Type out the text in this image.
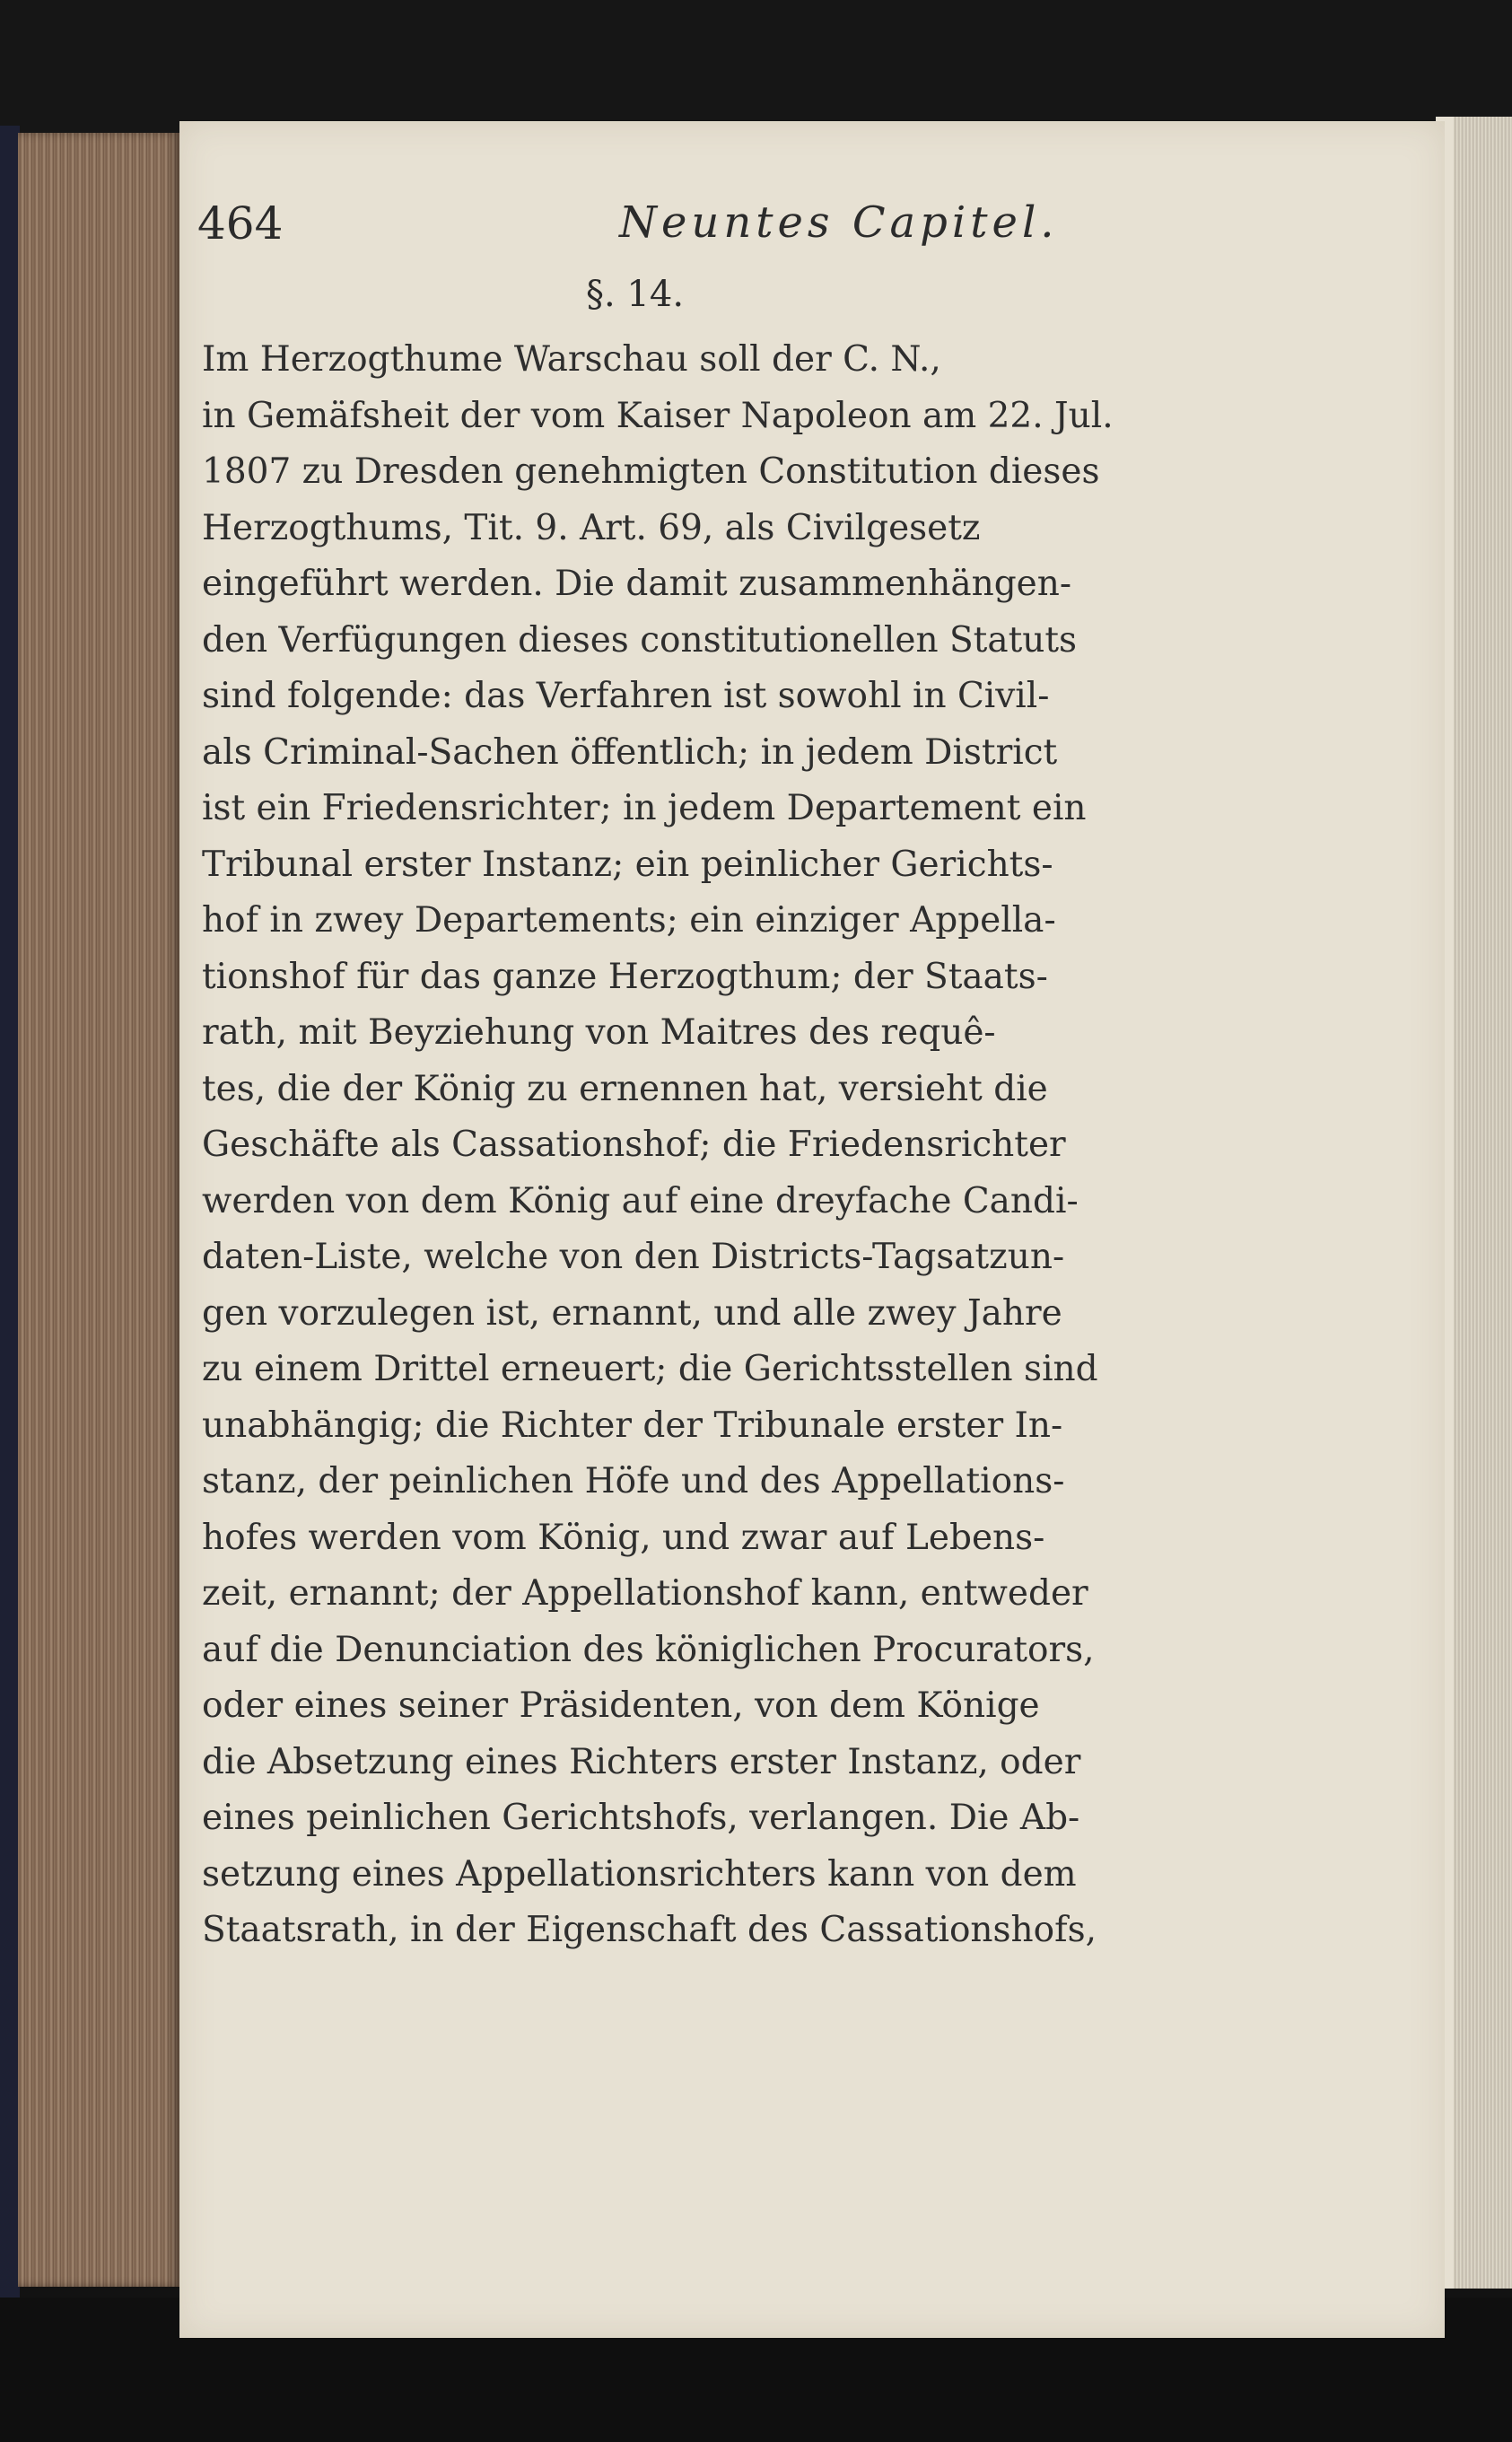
464	Neuntes Capitel.
§. 14.
Im Herzogthume Warschau soll der C. N.,
in Gemäfsheit der vom Kaiser Napoleon am 22. Jul.
1807 zu Dresden genehmigten Constitution dieses
Herzogthums, Tit. 9. Art. 69, als Civilgesetz
eingeführt werden. Die damit zusammenhängen-
den Verfügungen dieses constitutionellen Statuts
sind folgende: das Verfahren ist sowohl in Civil-
als Criminal-Sachen öffentlich; in jedem District
ist ein Friedensrichter; in jedem Departement ein
Tribunal erster Instanz; ein peinlicher Gerichts-
hof in zwey Departements; ein einziger Appella-
tionshof für das ganze Herzogthum; der Staats-
rath, mit Beyziehung von Maitres des requê-
tes, die der König zu ernennen hat, versieht die
Geschäfte als Cassationshof; die Friedensrichter
werden von dem König auf eine dreyfache Candi-
daten-Liste, welche von den Districts-Tagsatzun-
gen vorzulegen ist, ernannt, und alle zwey Jahre
zu einem Drittel erneuert; die Gerichtsstellen sind
unabhängig; die Richter der Tribunale erster In-
stanz, der peinlichen Höfe und des Appellations-
hofes werden vom König, und zwar auf Lebens-
zeit, ernannt; der Appellationshof kann, entweder
auf die Denunciation des königlichen Procurators,
oder eines seiner Präsidenten, von dem Könige
die Absetzung eines Richters erster Instanz, oder
eines peinlichen Gerichtshofs, verlangen. Die Ab-
setzung eines Appellationsrichters kann von dem
Staatsrath, in der Eigenschaft des Cassationshofs,
